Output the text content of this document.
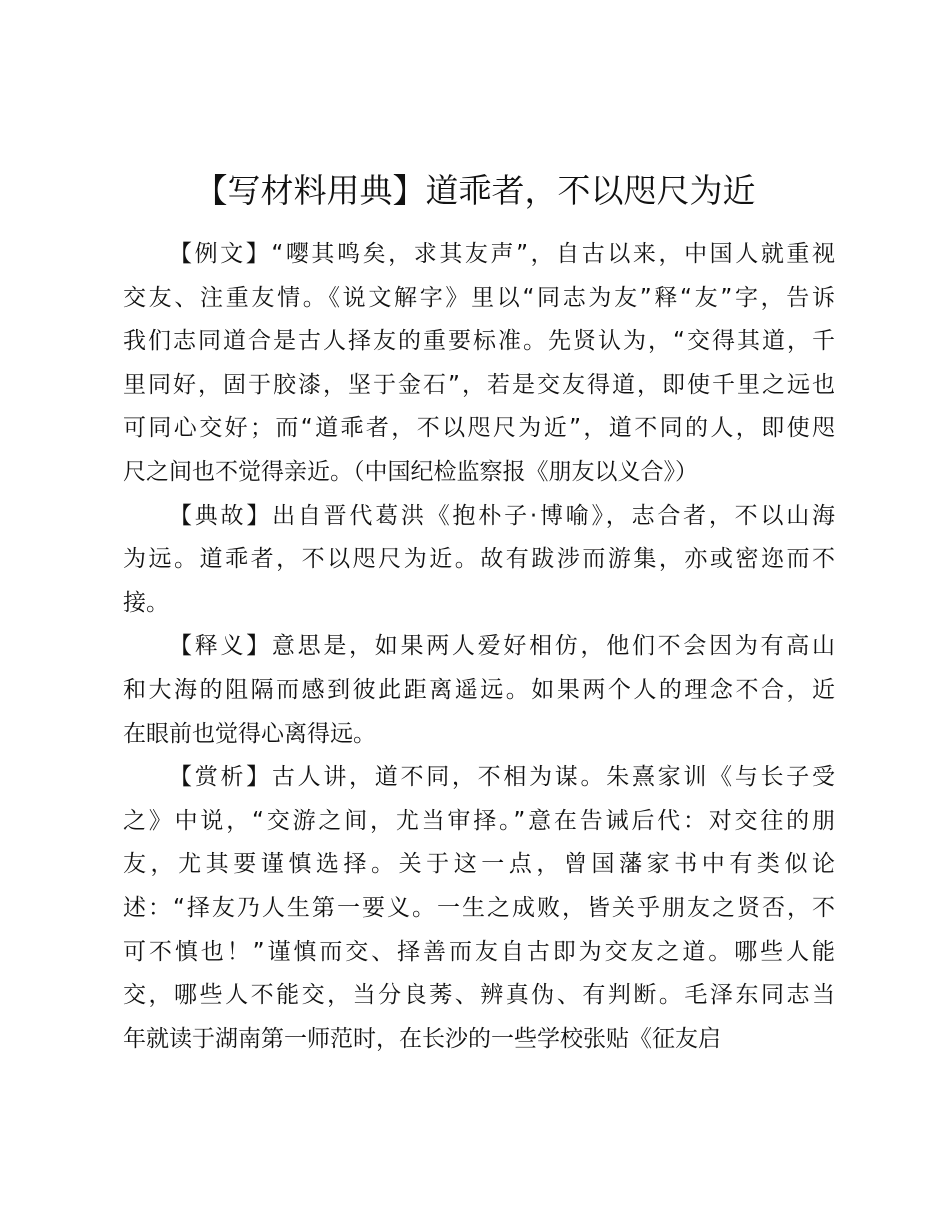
【写材料用典】道乖者，不以咫尺为近

【例文】“嘤其鸣矣，求其友声”，自古以来，中国人就重视
交友、注重友情。《说文解字》里以“同志为友”释“友”字，告诉
我们志同道合是古人择友的重要标准。先贤认为，“交得其道，千
里同好，固于胶漆，坚于金石”，若是交友得道，即使千里之远也
可同心交好；而“道乖者，不以咫尺为近”，道不同的人，即使咫
尺之间也不觉得亲近。（中国纪检监察报《朋友以义合》）

【典故】出自晋代葛洪《抱朴子·博喻》，志合者，不以山海
为远。道乖者，不以咫尺为近。故有跋涉而游集，亦或密迩而不
接。

【释义】意思是，如果两人爱好相仿，他们不会因为有高山
和大海的阻隔而感到彼此距离遥远。如果两个人的理念不合，近
在眼前也觉得心离得远。

【赏析】古人讲，道不同，不相为谋。朱熹家训《与长子受
之》中说，“交游之间，尤当审择。”意在告诫后代：对交往的朋
友，尤其要谨慎选择。关于这一点，曾国藩家书中有类似论
述：“择友乃人生第一要义。一生之成败，皆关乎朋友之贤否，不
可不慎也！”谨慎而交、择善而友自古即为交友之道。哪些人能
交，哪些人不能交，当分良莠、辨真伪、有判断。毛泽东同志当
年就读于湖南第一师范时，在长沙的一些学校张贴《征友启
